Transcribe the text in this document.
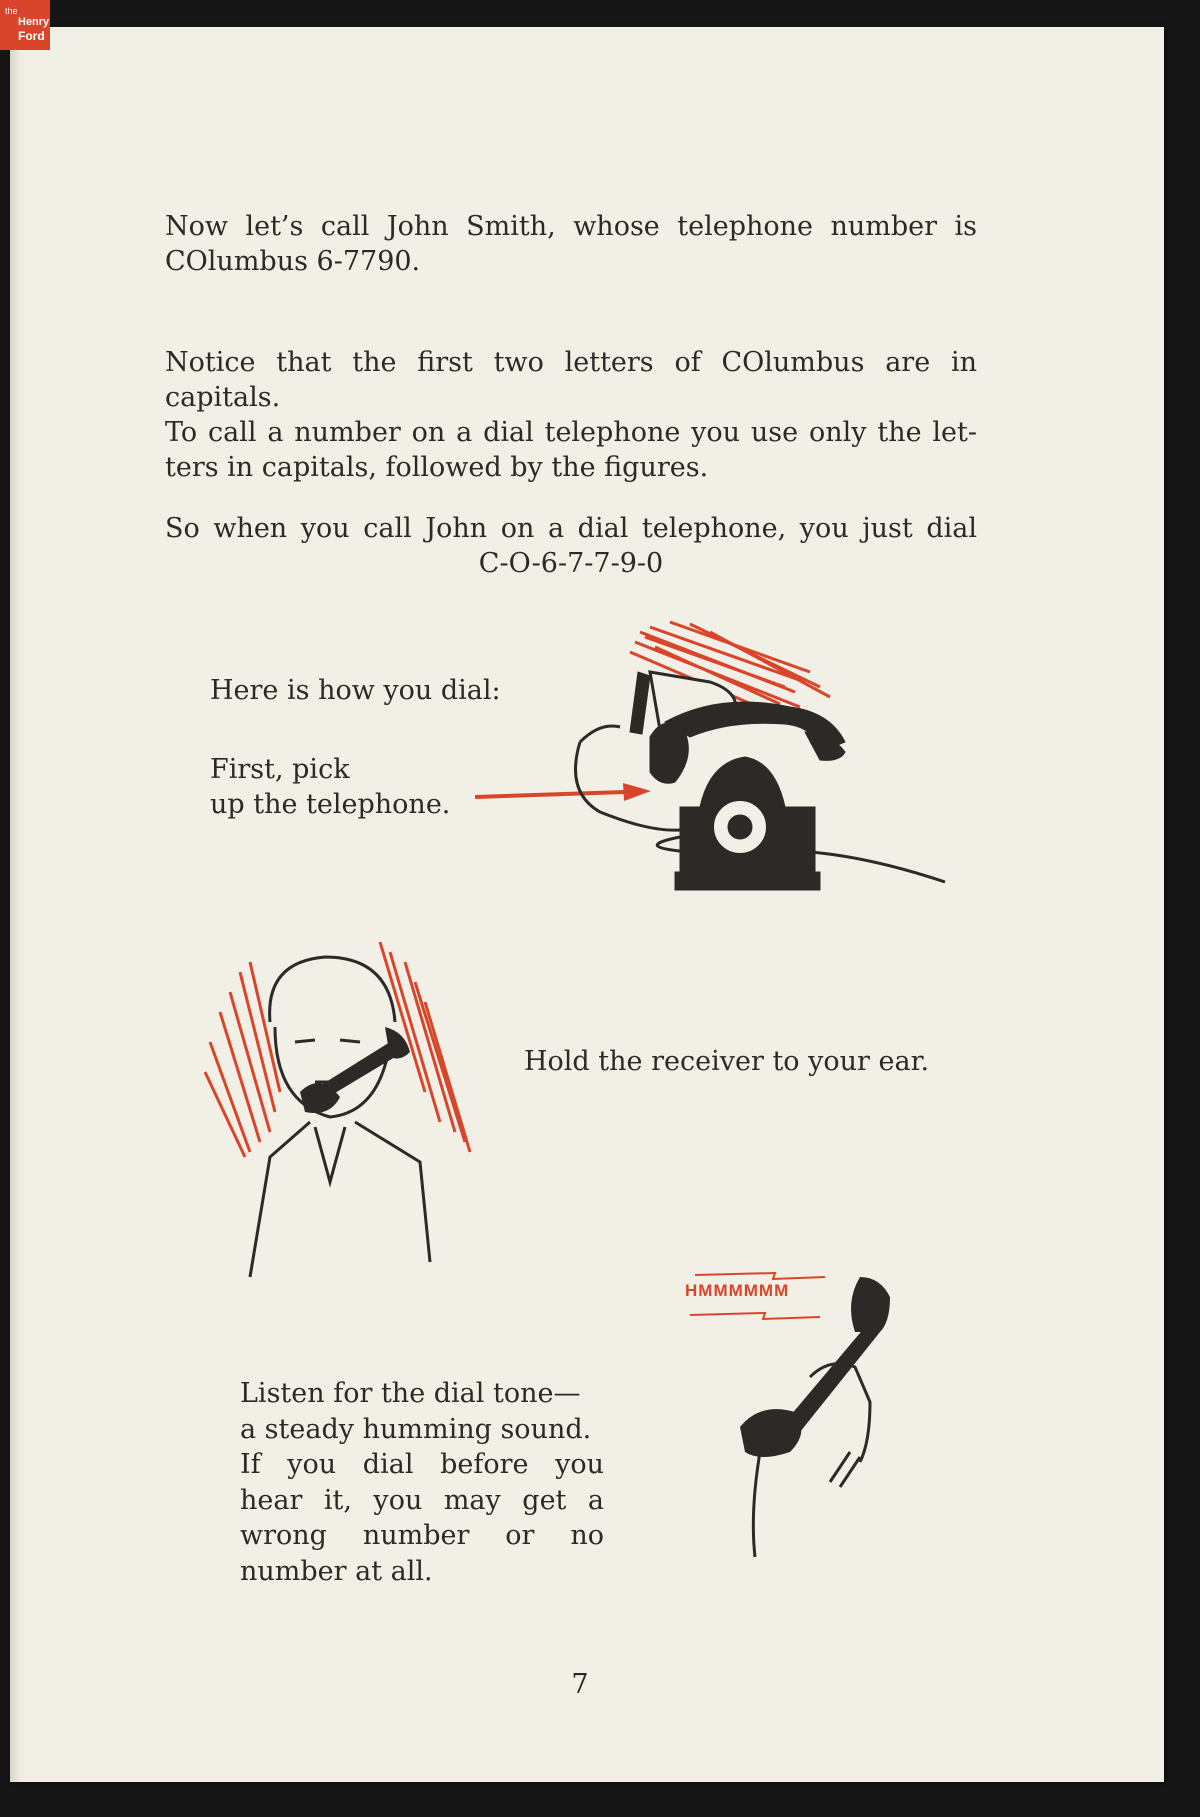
the
Henry
Ford
Now let’s call John Smith, whose telephone number is
COlumbus 6-7790.
Notice that the first two letters of COlumbus are in capitals.
To call a number on a dial telephone you use only the let-
ters in capitals, followed by the figures.
So when you call John on a dial telephone, you just dial
C-O-6-7-7-9-0
Here is how you dial:
First, pick
up the telephone.
Hold the receiver to your ear.
HMMMMMM
Listen for the dial tone—
a steady humming sound.
If you dial before you
hear it, you may get a
wrong number or no
number at all.
7
